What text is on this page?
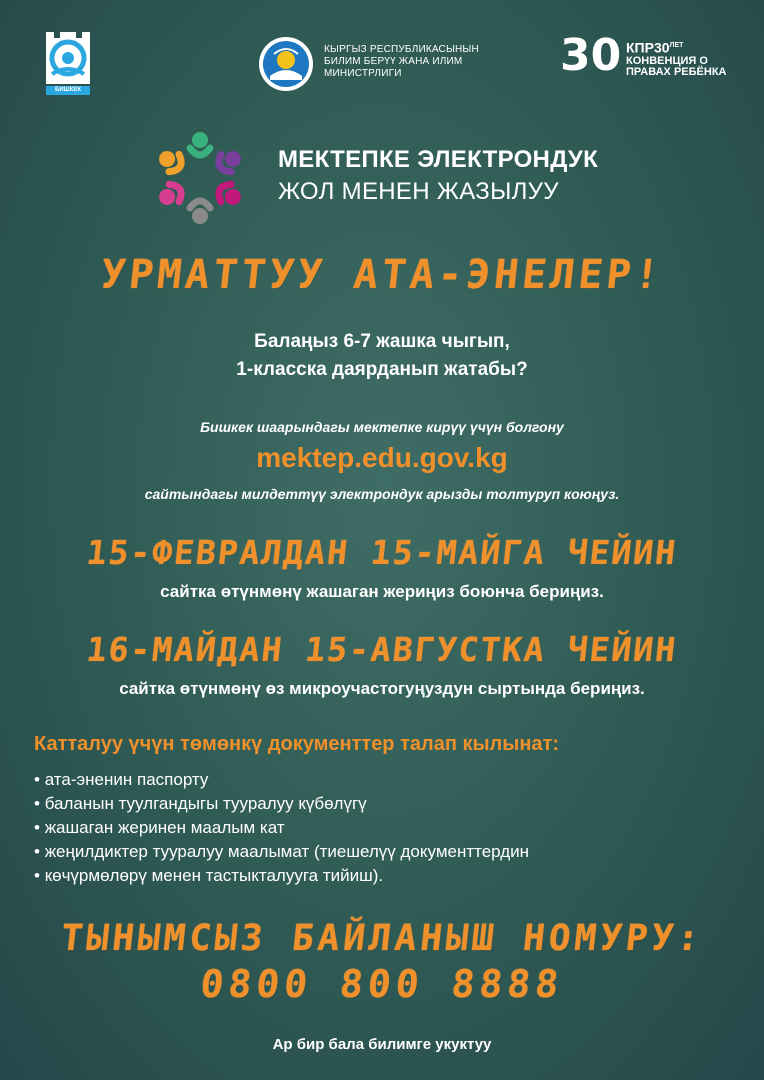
БИШКЕК
КЫРГЫЗ РЕСПУБЛИКАСЫНЫН
БИЛИМ БЕРҮҮ ЖАНА ИЛИМ
МИНИСТРЛИГИ	30 $КПР30^{ЛЕТ}$
КОНВЕНЦИЯ О
ПРАВАХ РЕБЁНКА
МЕКТЕПКЕ ЭЛЕКТРОНДУК
ЖОЛ МЕНЕН ЖАЗЫЛУУ
УРМАТТУУ АТА-ЭНЕЛЕР!
Балаңыз 6-7 жашка чыгып,
1-класска даярданып жатабы?
Бишкек шаарындагы мектепке кирүү үчүн болгону
mektep.edu.gov.kg
сайтындагы милдеттүү электрондук арызды толтуруп коюңуз.
15-ФЕВРАЛДАН 15-МАЙГА ЧЕЙИН
сайтка өтүнмөнү жашаган жериңиз боюнча бериңиз.
16-МАЙДАН 15-АВГУСТКА ЧЕЙИН
сайтка өтүнмөнү өз микроучастогуңуздун сыртында бериңиз.
Катталуу үчүн төмөнкү документтер талап кылынат:
• ата-эненин паспорту
• баланын туулгандыгы тууралуу күбөлүгү
• жашаган жеринен маалым кат
• жеңилдиктер тууралуу маалымат (тиешелүү документтердин
• көчүрмөлөрү менен тастыкталууга тийиш).
ТЫНЫМСЫЗ БАЙЛАНЫШ НОМУРУ:
0800 800 8888
Ар бир бала билимге укуктуу
